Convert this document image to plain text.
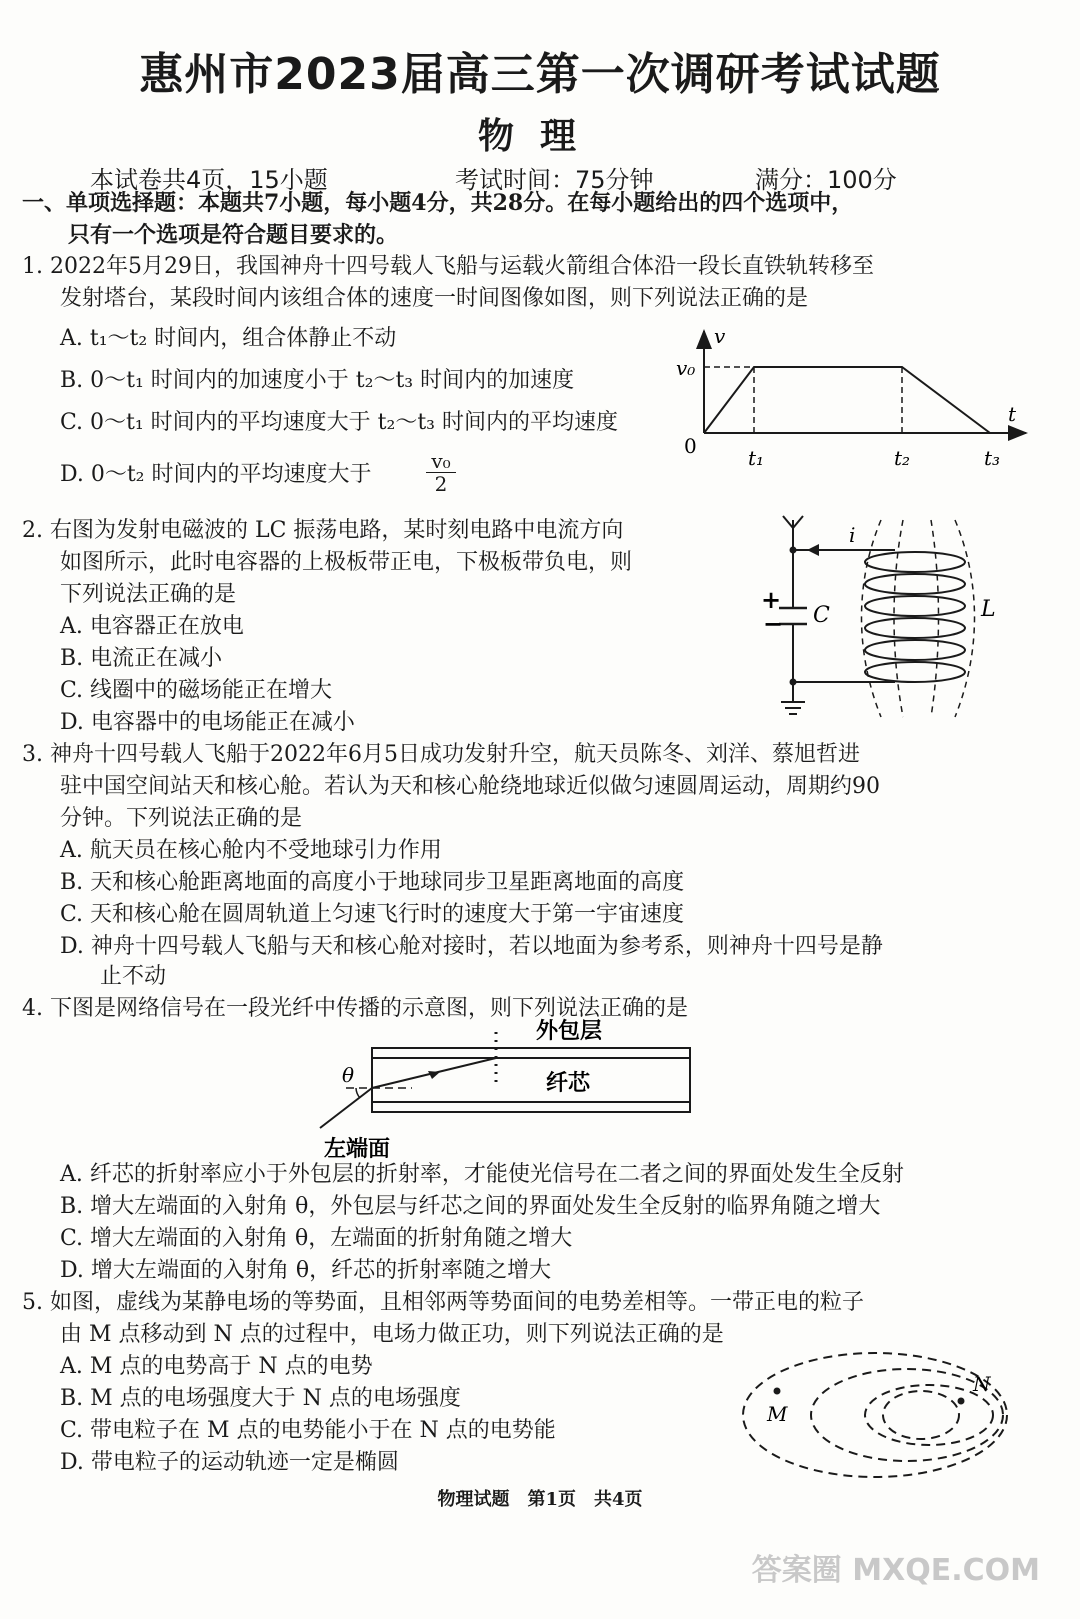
惠州市2023届高三第一次调研考试试题
物理
本试卷共4页，15小题	考试时间：75分钟	满分：100分
一、单项选择题：本题共7小题，每小题4分，共28分。在每小题给出的四个选项中，
只有一个选项是符合题目要求的。
1. 2022年5月29日，我国神舟十四号载人飞船与运载火箭组合体沿一段长直铁轨转移至
发射塔台，某段时间内该组合体的速度一时间图像如图，则下列说法正确的是
A. t₁～t₂ 时间内，组合体静止不动
B. 0～t₁ 时间内的加速度小于 t₂～t₃ 时间内的加速度
C. 0～t₁ 时间内的平均速度大于 t₂～t₃ 时间内的平均速度
D. 0～t₂ 时间内的平均速度大于	$\frac{\text{v₀}}{2}$
v
t
v₀
0	t₁	t₂	t₃
2. 右图为发射电磁波的 LC 振荡电路，某时刻电路中电流方向
如图所示，此时电容器的上极板带正电，下极板带负电，则
下列说法正确的是
A. 电容器正在放电
B. 电流正在减小
C. 线圈中的磁场能正在增大
D. 电容器中的电场能正在减小
+
− C
i
L
3. 神舟十四号载人飞船于2022年6月5日成功发射升空，航天员陈冬、刘洋、蔡旭哲进
驻中国空间站天和核心舱。若认为天和核心舱绕地球近似做匀速圆周运动，周期约90
分钟。下列说法正确的是
A. 航天员在核心舱内不受地球引力作用
B. 天和核心舱距离地面的高度小于地球同步卫星距离地面的高度
C. 天和核心舱在圆周轨道上匀速飞行时的速度大于第一宇宙速度
D. 神舟十四号载人飞船与天和核心舱对接时，若以地面为参考系，则神舟十四号是静
止不动
4. 下图是网络信号在一段光纤中传播的示意图，则下列说法正确的是
θ
外包层
纤芯
左端面
A. 纤芯的折射率应小于外包层的折射率，才能使光信号在二者之间的界面处发生全反射
B. 增大左端面的入射角 θ，外包层与纤芯之间的界面处发生全反射的临界角随之增大
C. 增大左端面的入射角 θ，左端面的折射角随之增大
D. 增大左端面的入射角 θ，纤芯的折射率随之增大
5. 如图，虚线为某静电场的等势面，且相邻两等势面间的电势差相等。一带正电的粒子
由 M 点移动到 N 点的过程中，电场力做正功，则下列说法正确的是
A. M 点的电势高于 N 点的电势
B. M 点的电场强度大于 N 点的电场强度
C. 带电粒子在 M 点的电势能小于在 N 点的电势能
D. 带电粒子的运动轨迹一定是椭圆
M
N
物理试题　第1页　共4页
答案圈 MXQE.COM
